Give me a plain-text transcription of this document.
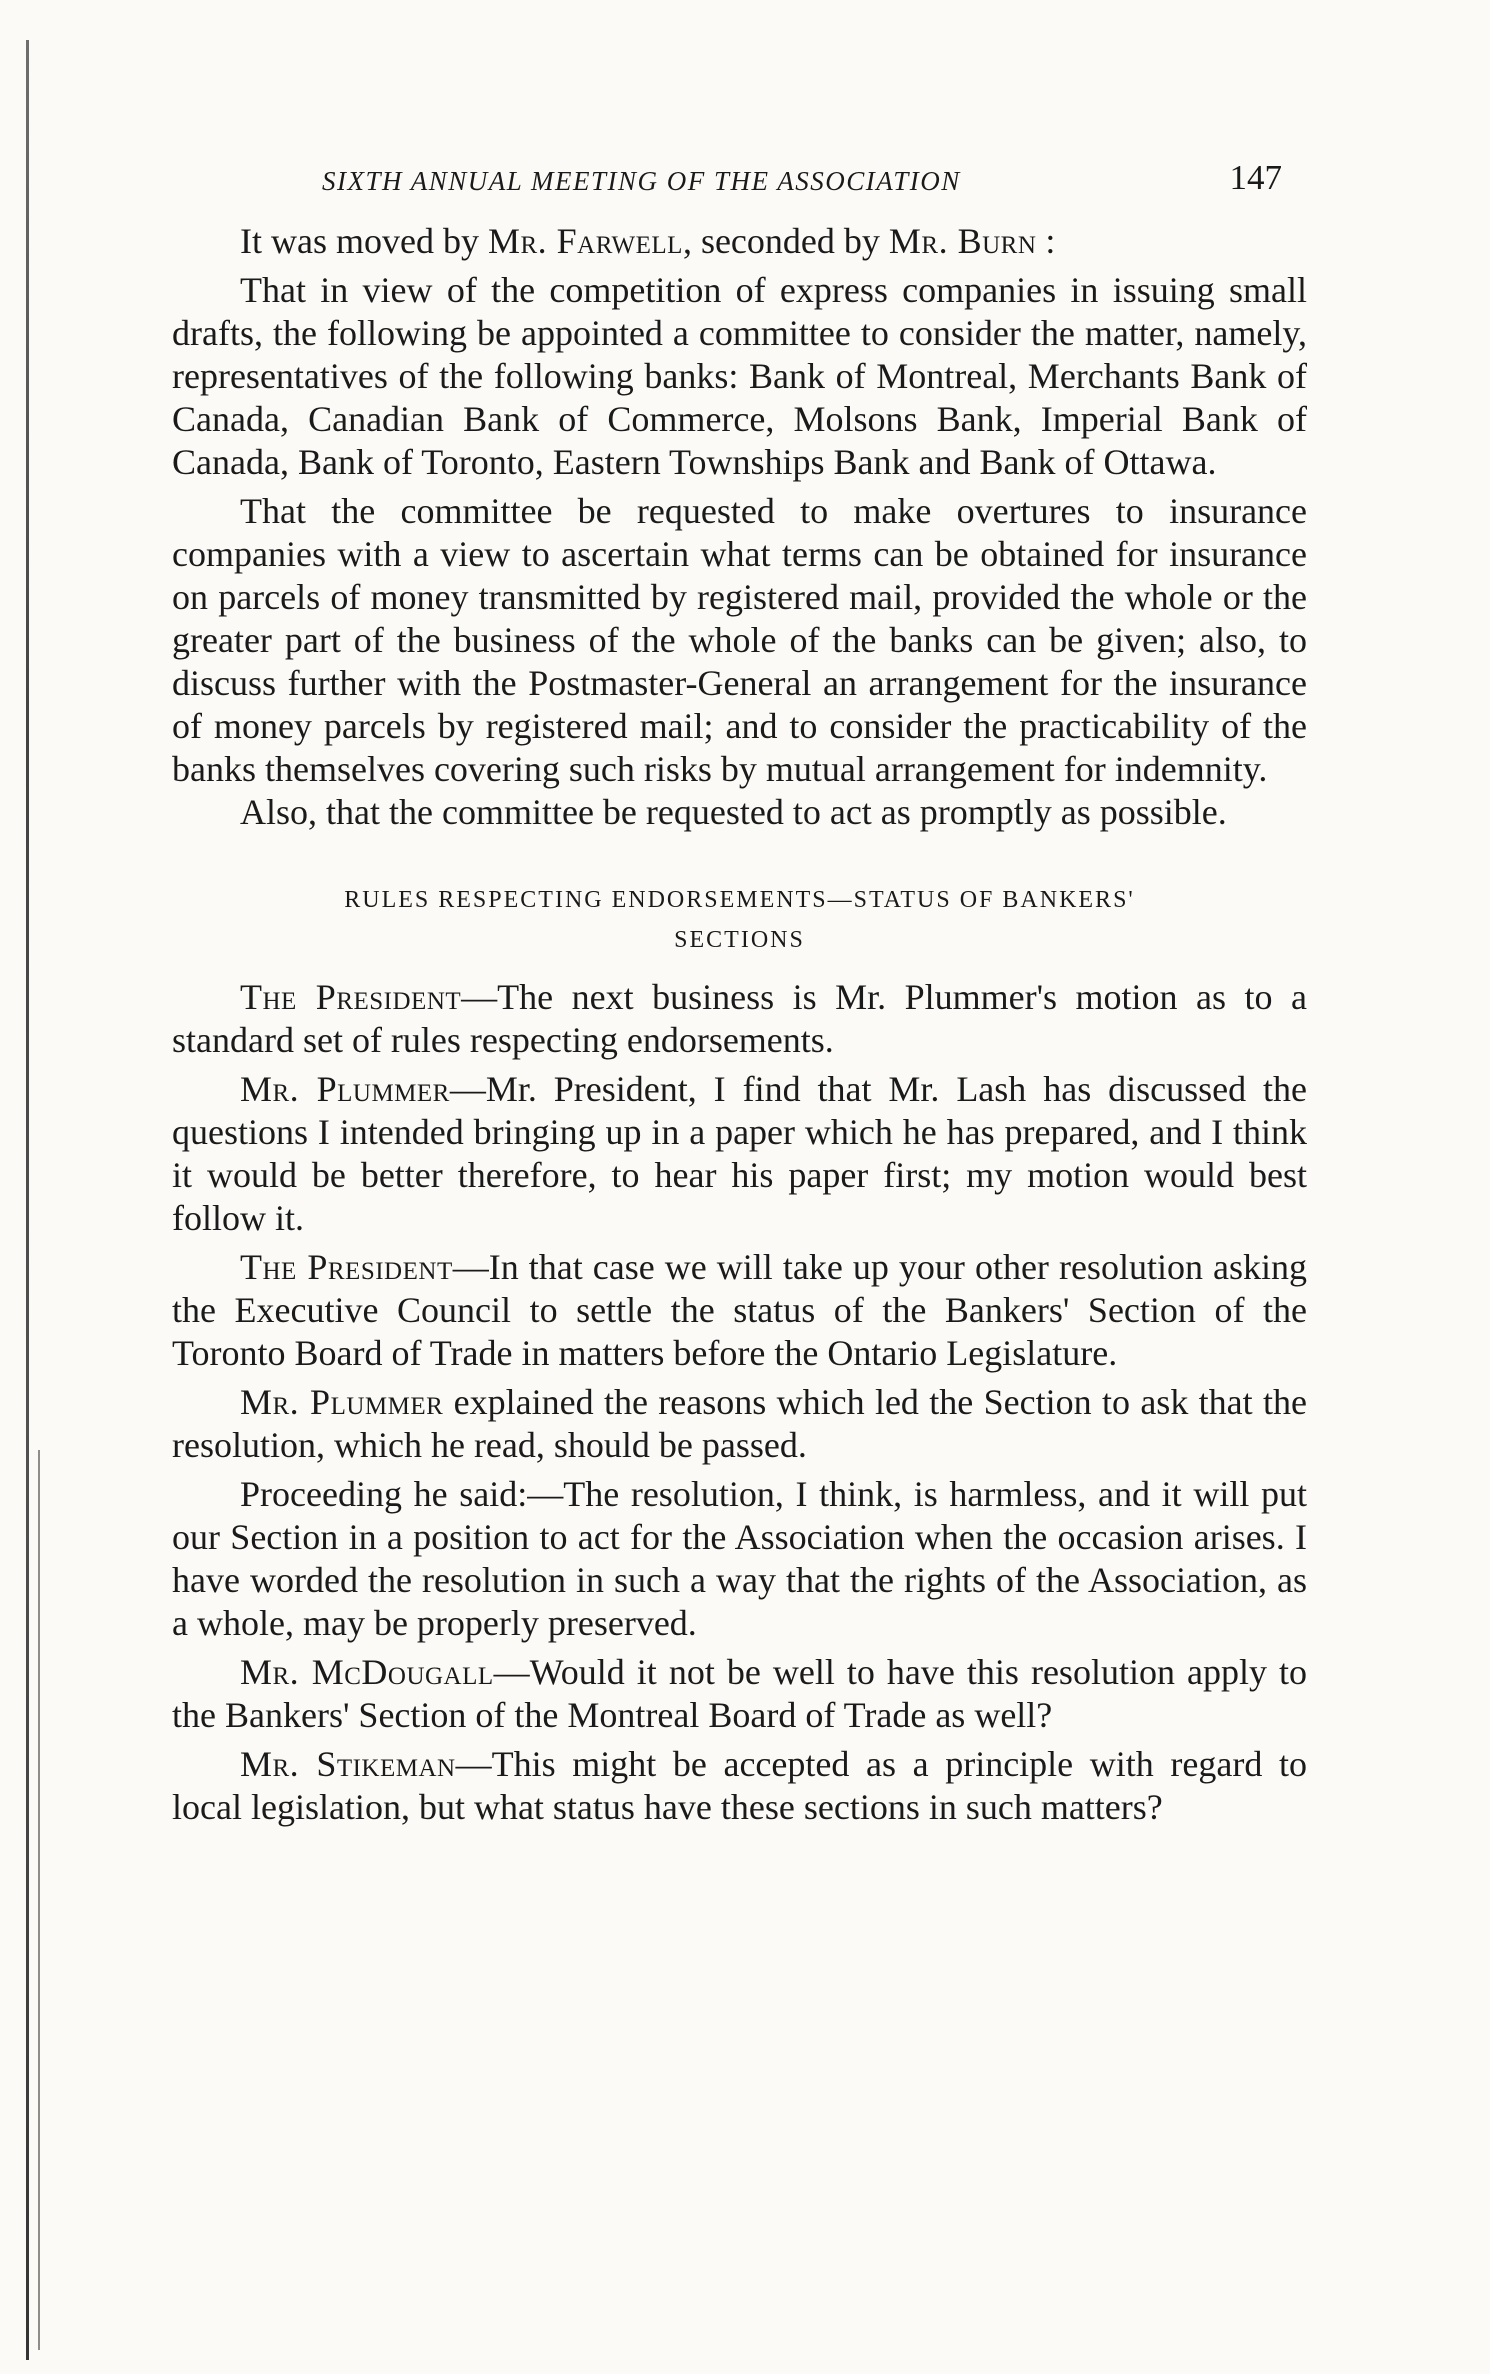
SIXTH ANNUAL MEETING OF THE ASSOCIATION	147

It was moved by Mr. Farwell, seconded by Mr. Burn :

That in view of the competition of express companies in issuing small drafts, the following be appointed a committee to consider the matter, namely, representatives of the following banks: Bank of Montreal, Merchants Bank of Canada, Canadian Bank of Commerce, Molsons Bank, Imperial Bank of Canada, Bank of Toronto, Eastern Townships Bank and Bank of Ottawa.

That the committee be requested to make overtures to insurance companies with a view to ascertain what terms can be obtained for insurance on parcels of money transmitted by registered mail, provided the whole or the greater part of the business of the whole of the banks can be given; also, to discuss further with the Postmaster-General an arrangement for the insurance of money parcels by registered mail; and to consider the practicability of the banks themselves covering such risks by mutual arrangement for indemnity.

Also, that the committee be requested to act as promptly as possible.

RULES RESPECTING ENDORSEMENTS—STATUS OF BANKERS'
SECTIONS

The President—The next business is Mr. Plummer's motion as to a standard set of rules respecting endorsements.

Mr. Plummer—Mr. President, I find that Mr. Lash has discussed the questions I intended bringing up in a paper which he has prepared, and I think it would be better therefore, to hear his paper first; my motion would best follow it.

The President—In that case we will take up your other resolution asking the Executive Council to settle the status of the Bankers' Section of the Toronto Board of Trade in matters before the Ontario Legislature.

Mr. Plummer explained the reasons which led the Section to ask that the resolution, which he read, should be passed.

Proceeding he said:—The resolution, I think, is harmless, and it will put our Section in a position to act for the Association when the occasion arises. I have worded the resolution in such a way that the rights of the Association, as a whole, may be properly preserved.

Mr. McDougall—Would it not be well to have this resolution apply to the Bankers' Section of the Montreal Board of Trade as well?

Mr. Stikeman—This might be accepted as a principle with regard to local legislation, but what status have these sections in such matters?
